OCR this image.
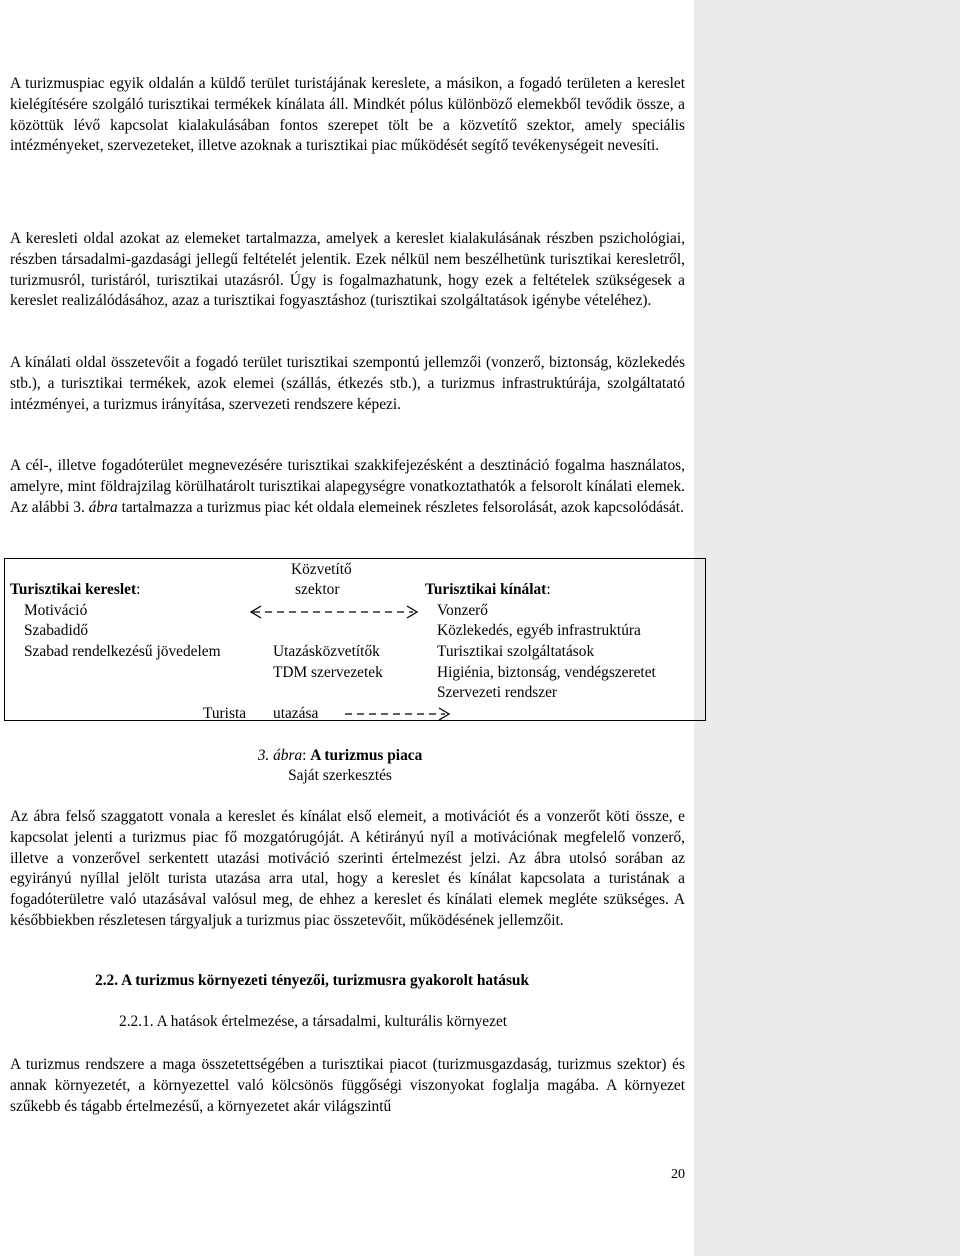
A turizmuspiac egyik oldalán a küldő terület turistájának kereslete, a másikon, a fogadó területen a kereslet kielégítésére szolgáló turisztikai termékek kínálata áll. Mindkét pólus különböző elemekből tevődik össze, a közöttük lévő kapcsolat kialakulásában fontos szerepet tölt be a közvetítő szektor, amely speciális intézményeket, szervezeteket, illetve azoknak a turisztikai piac működését segítő tevékenységeit nevesíti.

A keresleti oldal azokat az elemeket tartalmazza, amelyek a kereslet kialakulásának részben pszichológiai, részben társadalmi-gazdasági jellegű feltételét jelentik. Ezek nélkül nem beszélhetünk turisztikai keresletről, turizmusról, turistáról, turisztikai utazásról. Úgy is fogalmazhatunk, hogy ezek a feltételek szükségesek a kereslet realizálódásához, azaz a turisztikai fogyasztáshoz (turisztikai szolgáltatások igénybe vételéhez).

A kínálati oldal összetevőit a fogadó terület turisztikai szempontú jellemzői (vonzerő, biztonság, közlekedés stb.), a turisztikai termékek, azok elemei (szállás, étkezés stb.), a turizmus infrastruktúrája, szolgáltatató intézményei, a turizmus irányítása, szervezeti rendszere képezi.

A cél-, illetve fogadóterület megnevezésére turisztikai szakkifejezésként a desztináció fogalma használatos, amelyre, mint földrajzilag körülhatárolt turisztikai alapegységre vonatkoztathatók a felsorolt kínálati elemek. Az alábbi 3. ábra tartalmazza a turizmus piac két oldala elemeinek részletes felsorolását, azok kapcsolódását.

Az ábra felső szaggatott vonala a kereslet és kínálat első elemeit, a motivációt és a vonzerőt köti össze, e kapcsolat jelenti a turizmus piac fő mozgatórugóját. A kétirányú nyíl a motivációnak megfelelő vonzerő, illetve a vonzerővel serkentett utazási motiváció szerinti értelmezést jelzi. Az ábra utolsó sorában az egyirányú nyíllal jelölt turista utazása arra utal, hogy a kereslet és kínálat kapcsolata a turistának a fogadóterületre való utazásával valósul meg, de ehhez a kereslet és kínálati elemek megléte szükséges. A későbbiekben részletesen tárgyaljuk a turizmus piac összetevőit, működésének jellemzőit.

A turizmus rendszere a maga összetettségében a turisztikai piacot (turizmusgazdaság, turizmus szektor) és annak környezetét, a környezettel való kölcsönös függőségi viszonyokat foglalja magába. A környezet szűkebb és tágabb értelmezésű, a környezetet akár világszintű

Turisztikai kereslet:
Motiváció
Szabadidő
Szabad rendelkezésű jövedelem
Turista
Közvetítő
szektor
Utazásközvetítők
TDM szervezetek
utazása
Turisztikai kínálat:
Vonzerő
Közlekedés, egyéb infrastruktúra
Turisztikai szolgáltatások
Higiénia, biztonság, vendégszeretet
Szervezeti rendszer
3. ábra: A turizmus piaca
Saját szerkesztés
2.2. A turizmus környezeti tényezői, turizmusra gyakorolt hatásuk
2.2.1. A hatások értelmezése, a társadalmi, kulturális környezet
20
